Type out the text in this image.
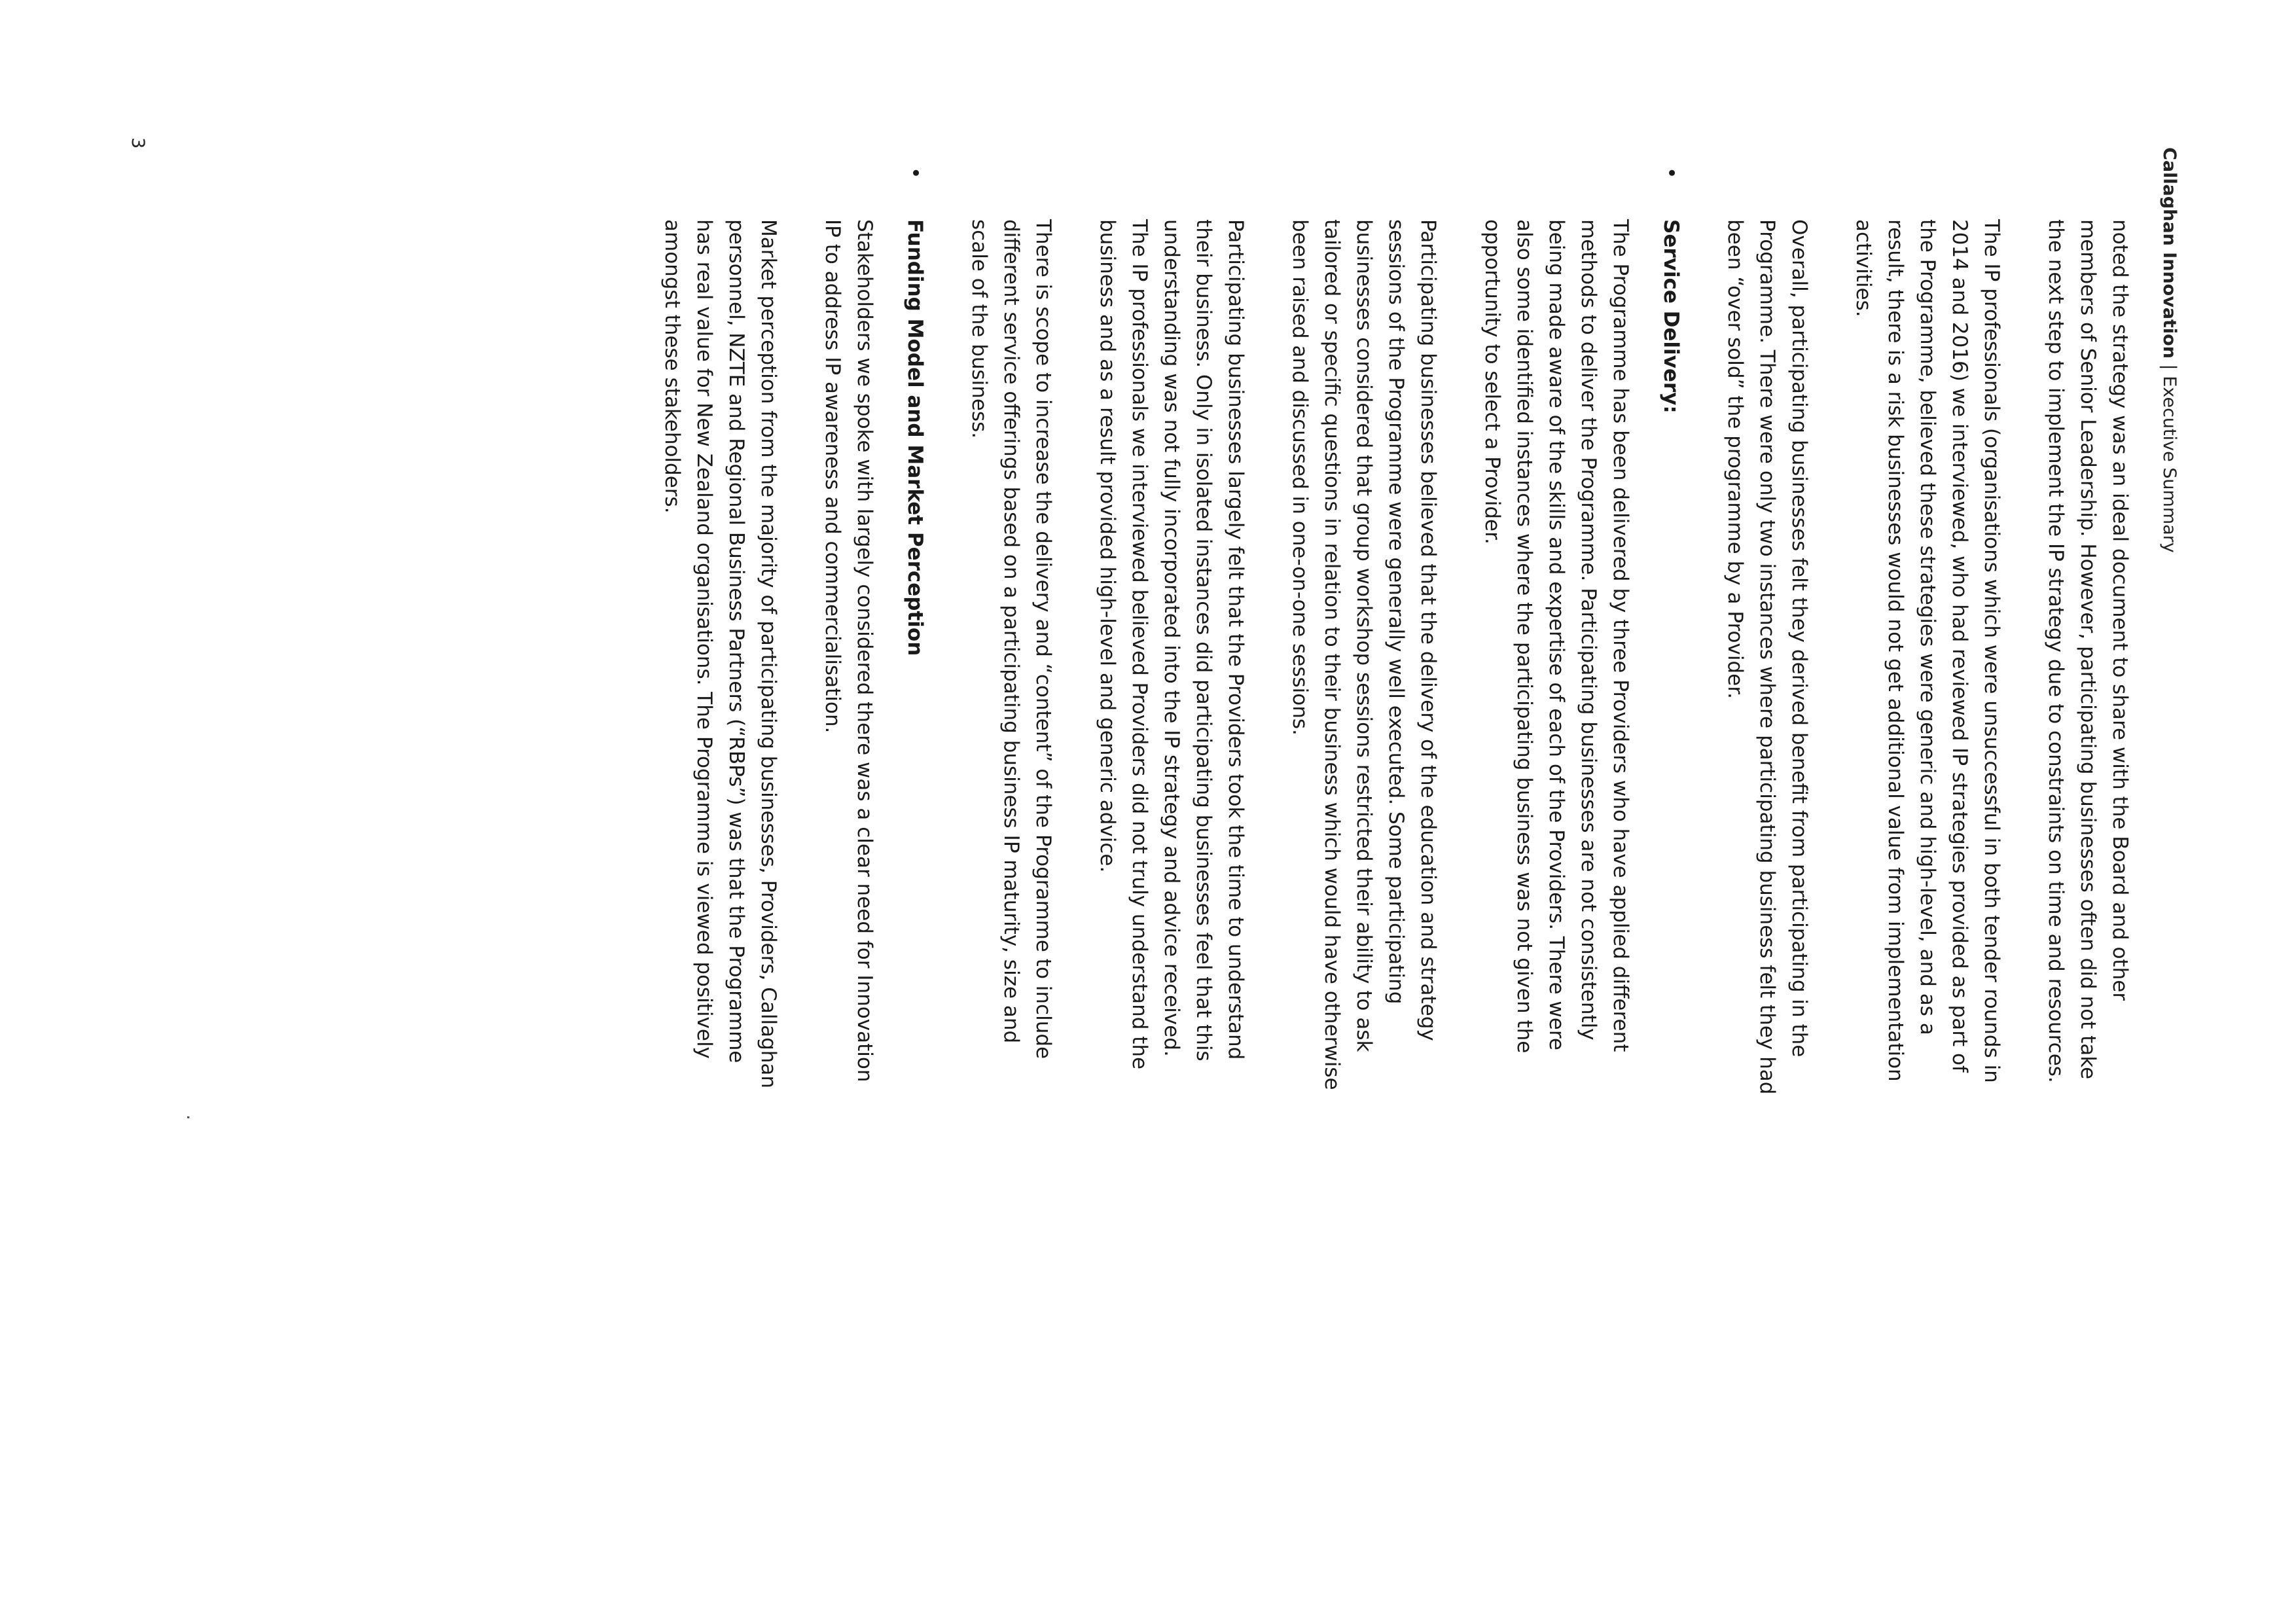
Callaghan Innovation | Executive Summary

noted the strategy was an ideal document to share with the Board and other members of Senior Leadership. However, participating businesses often did not take the next step to implement the IP strategy due to constraints on time and resources.

The IP professionals (organisations which were unsuccessful in both tender rounds in 2014 and 2016) we interviewed, who had reviewed IP strategies provided as part of the Programme, believed these strategies were generic and high-level, and as a result, there is a risk businesses would not get additional value from implementation activities.

Overall, participating businesses felt they derived benefit from participating in the Programme. There were only two instances where participating business felt they had been “over sold” the programme by a Provider.

•
Service Delivery:

The Programme has been delivered by three Providers who have applied different methods to deliver the Programme. Participating businesses are not consistently being made aware of the skills and expertise of each of the Providers. There were also some identified instances where the participating business was not given the opportunity to select a Provider.

Participating businesses believed that the delivery of the education and strategy sessions of the Programme were generally well executed. Some participating businesses considered that group workshop sessions restricted their ability to ask tailored or specific questions in relation to their business which would have otherwise been raised and discussed in one-on-one sessions.

Participating businesses largely felt that the Providers took the time to understand their business. Only in isolated instances did participating businesses feel that this understanding was not fully incorporated into the IP strategy and advice received. The IP professionals we interviewed believed Providers did not truly understand the business and as a result provided high-level and generic advice.

There is scope to increase the delivery and “content” of the Programme to include different service offerings based on a participating business IP maturity, size and scale of the business.

•
Funding Model and Market Perception

Stakeholders we spoke with largely considered there was a clear need for Innovation IP to address IP awareness and commercialisation.

Market perception from the majority of participating businesses, Providers, Callaghan personnel, NZTE and Regional Business Partners (“RBPs”) was that the Programme has real value for New Zealand organisations. The Programme is viewed positively amongst these stakeholders.

.
3
